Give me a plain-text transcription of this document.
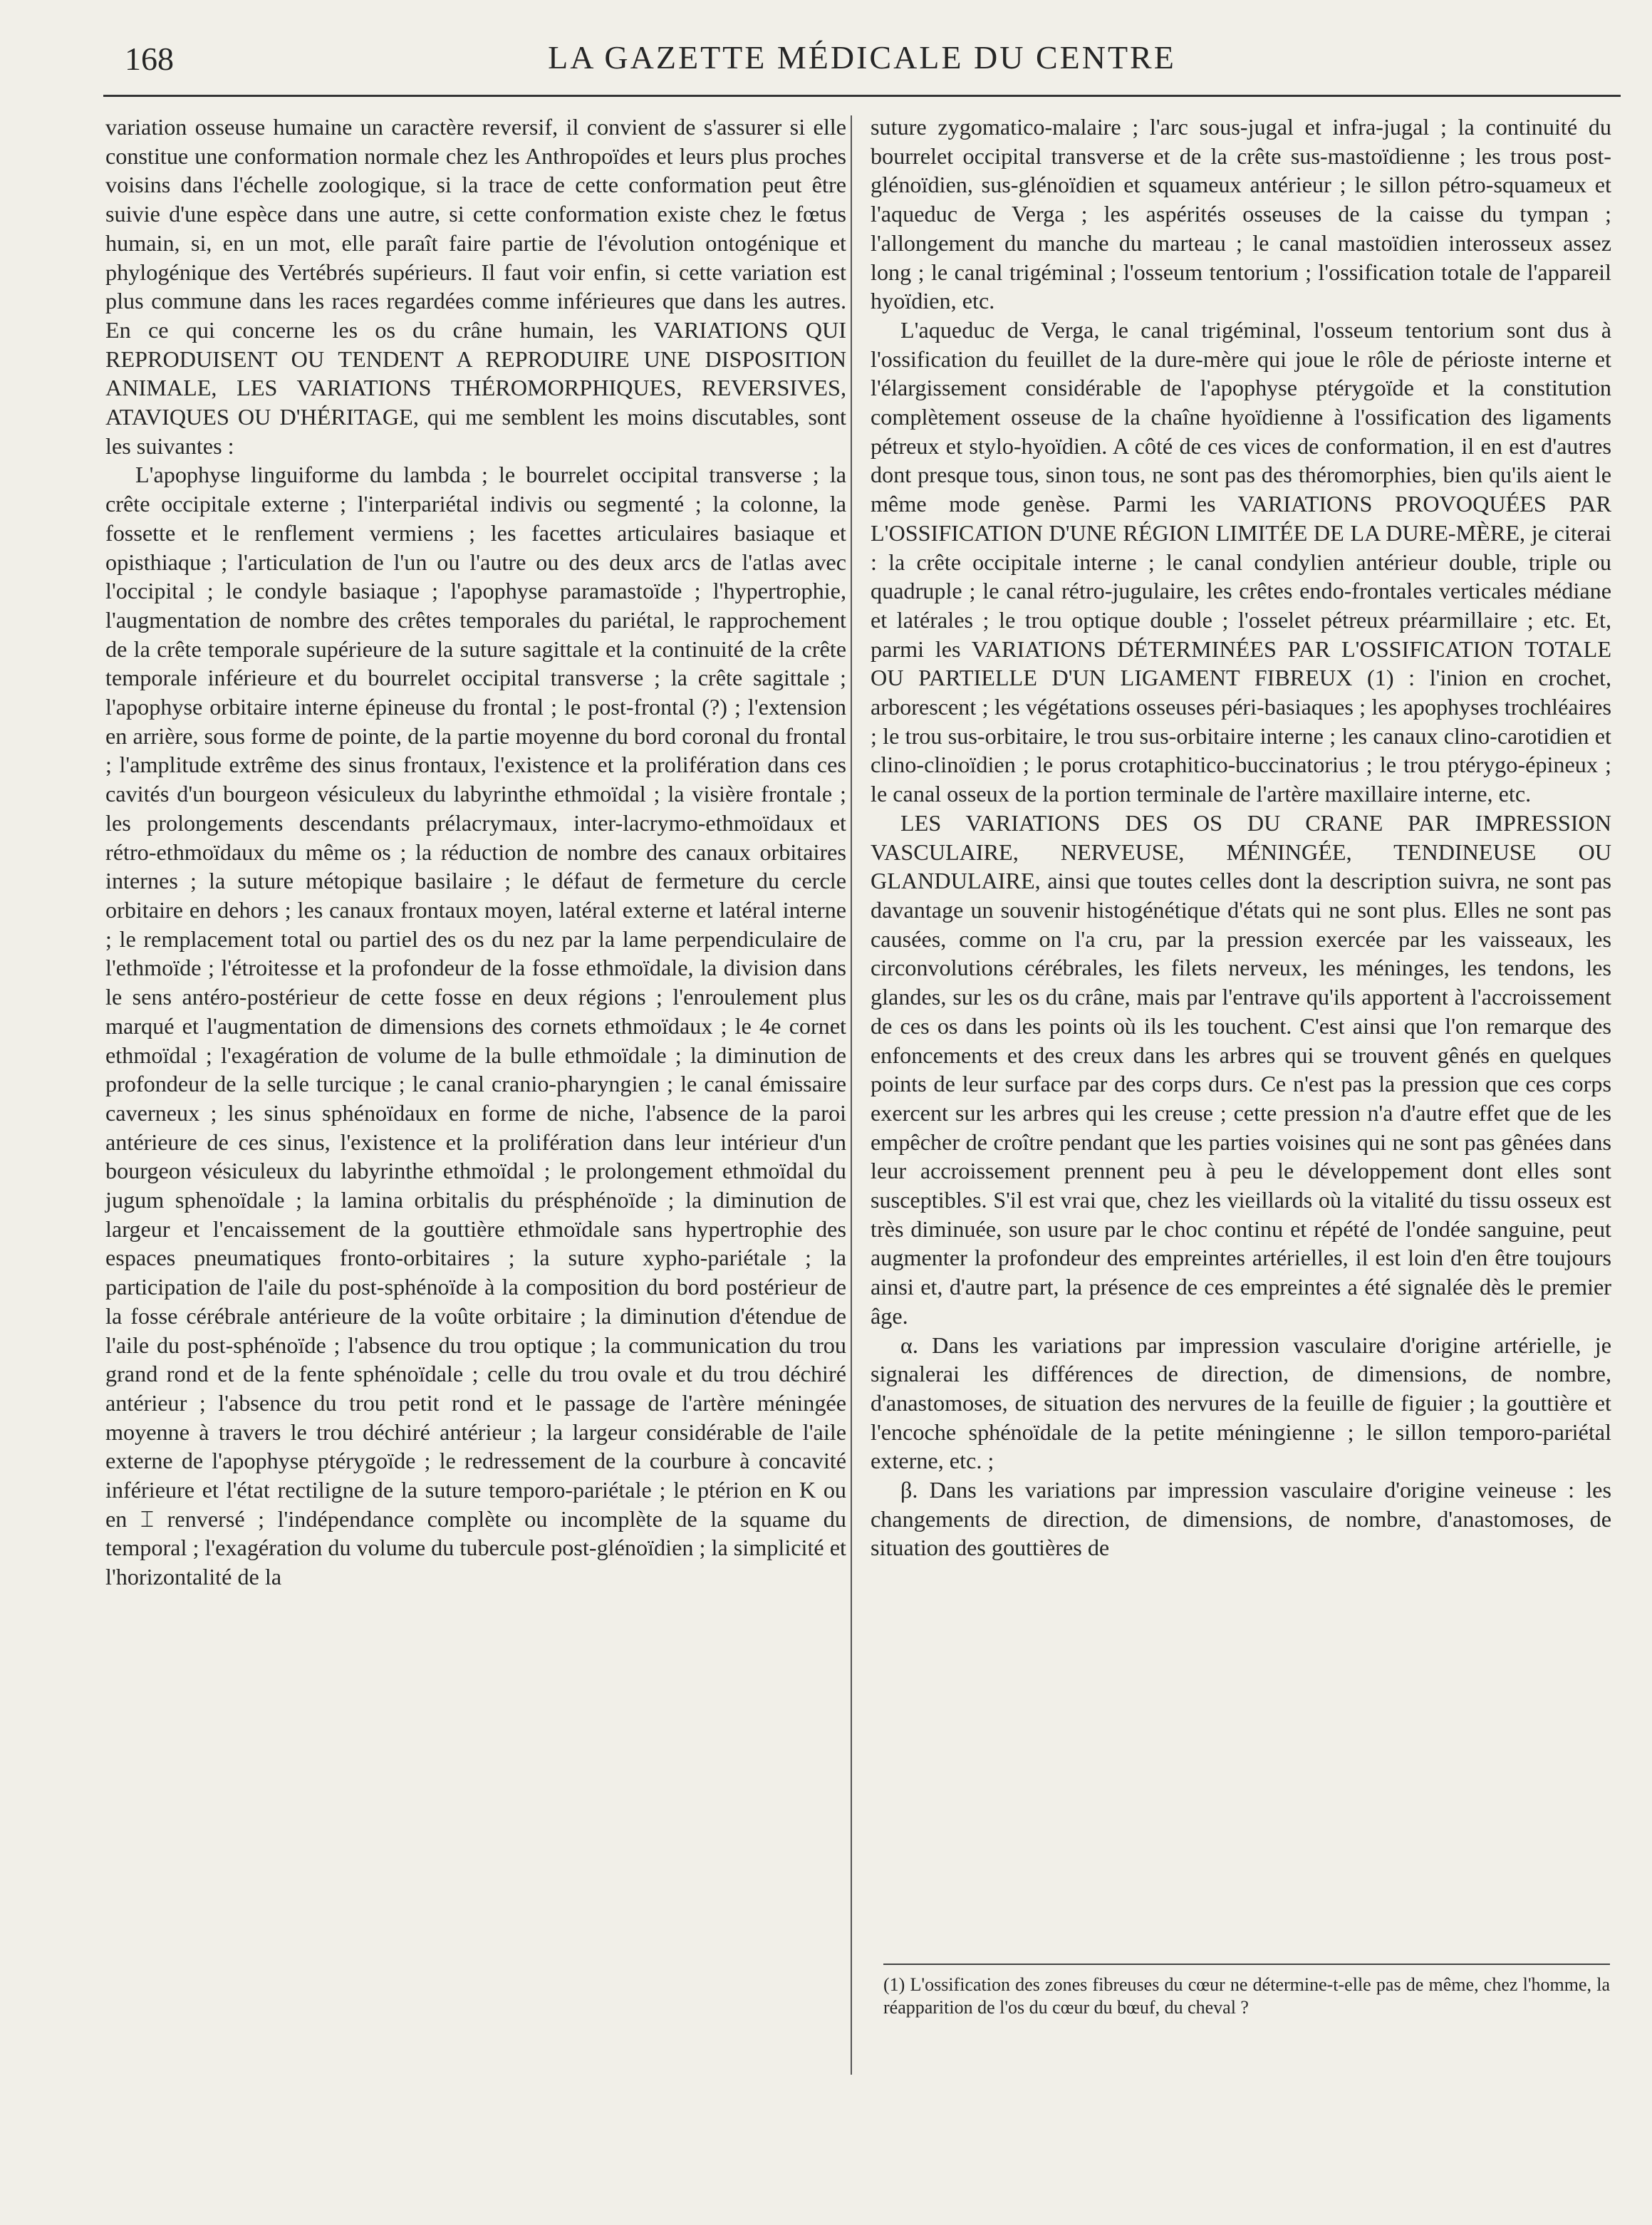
168	LA GAZETTE MÉDICALE DU CENTRE

variation osseuse humaine un caractère reversif, il convient de s'assurer si elle constitue une conformation normale chez les Anthropoïdes et leurs plus proches voisins dans l'échelle zoologique, si la trace de cette conformation peut être suivie d'une espèce dans une autre, si cette conformation existe chez le fœtus humain, si, en un mot, elle paraît faire partie de l'évolution ontogénique et phylogénique des Vertébrés supérieurs. Il faut voir enfin, si cette variation est plus commune dans les races regardées comme inférieures que dans les autres. En ce qui concerne les os du crâne humain, les VARIATIONS QUI REPRODUISENT OU TENDENT A REPRODUIRE UNE DISPOSITION ANIMALE, LES VARIATIONS THÉROMORPHIQUES, REVERSIVES, ATAVIQUES OU D'HÉRITAGE, qui me semblent les moins discutables, sont les suivantes :

L'apophyse linguiforme du lambda ; le bourrelet occipital transverse ; la crête occipitale externe ; l'interpariétal indivis ou segmenté ; la colonne, la fossette et le renflement vermiens ; les facettes articulaires basiaque et opisthiaque ; l'articulation de l'un ou l'autre ou des deux arcs de l'atlas avec l'occipital ; le condyle basiaque ; l'apophyse paramastoïde ; l'hypertrophie, l'augmentation de nombre des crêtes temporales du pariétal, le rapprochement de la crête temporale supérieure de la suture sagittale et la continuité de la crête temporale inférieure et du bourrelet occipital transverse ; la crête sagittale ; l'apophyse orbitaire interne épineuse du frontal ; le post-frontal (?) ; l'extension en arrière, sous forme de pointe, de la partie moyenne du bord coronal du frontal ; l'amplitude extrême des sinus frontaux, l'existence et la prolifération dans ces cavités d'un bourgeon vésiculeux du labyrinthe ethmoïdal ; la visière frontale ; les prolongements descendants prélacrymaux, inter-lacrymo-ethmoïdaux et rétro-ethmoïdaux du même os ; la réduction de nombre des canaux orbitaires internes ; la suture métopique basilaire ; le défaut de fermeture du cercle orbitaire en dehors ; les canaux frontaux moyen, latéral externe et latéral interne ; le remplacement total ou partiel des os du nez par la lame perpendiculaire de l'ethmoïde ; l'étroitesse et la profondeur de la fosse ethmoïdale, la division dans le sens antéro-postérieur de cette fosse en deux régions ; l'enroulement plus marqué et l'augmentation de dimensions des cornets ethmoïdaux ; le 4e cornet ethmoïdal ; l'exagération de volume de la bulle ethmoïdale ; la diminution de profondeur de la selle turcique ; le canal cranio-pharyngien ; le canal émissaire caverneux ; les sinus sphénoïdaux en forme de niche, l'absence de la paroi antérieure de ces sinus, l'existence et la prolifération dans leur intérieur d'un bourgeon vésiculeux du labyrinthe ethmoïdal ; le prolongement ethmoïdal du jugum sphenoïdale ; la lamina orbitalis du présphénoïde ; la diminution de largeur et l'encaissement de la gouttière ethmoïdale sans hypertrophie des espaces pneumatiques fronto-orbitaires ; la suture xypho-pariétale ; la participation de l'aile du post-sphénoïde à la composition du bord postérieur de la fosse cérébrale antérieure de la voûte orbitaire ; la diminution d'étendue de l'aile du post-sphénoïde ; l'absence du trou optique ; la communication du trou grand rond et de la fente sphénoïdale ; celle du trou ovale et du trou déchiré antérieur ; l'absence du trou petit rond et le passage de l'artère méningée moyenne à travers le trou déchiré antérieur ; la largeur considérable de l'aile externe de l'apophyse ptérygoïde ; le redressement de la courbure à concavité inférieure et l'état rectiligne de la suture temporo-pariétale ; le ptérion en K ou en ⌶ renversé ; l'indépendance complète ou incomplète de la squame du temporal ; l'exagération du volume du tubercule post-glénoïdien ; la simplicité et l'horizontalité de la

suture zygomatico-malaire ; l'arc sous-jugal et infra-jugal ; la continuité du bourrelet occipital transverse et de la crête sus-mastoïdienne ; les trous post-glénoïdien, sus-glénoïdien et squameux antérieur ; le sillon pétro-squameux et l'aqueduc de Verga ; les aspérités osseuses de la caisse du tympan ; l'allongement du manche du marteau ; le canal mastoïdien interosseux assez long ; le canal trigéminal ; l'osseum tentorium ; l'ossification totale de l'appareil hyoïdien, etc.

L'aqueduc de Verga, le canal trigéminal, l'osseum tentorium sont dus à l'ossification du feuillet de la dure-mère qui joue le rôle de périoste interne et l'élargissement considérable de l'apophyse ptérygoïde et la constitution complètement osseuse de la chaîne hyoïdienne à l'ossification des ligaments pétreux et stylo-hyoïdien. A côté de ces vices de conformation, il en est d'autres dont presque tous, sinon tous, ne sont pas des théromorphies, bien qu'ils aient le même mode genèse. Parmi les VARIATIONS PROVOQUÉES PAR L'OSSIFICATION D'UNE RÉGION LIMITÉE DE LA DURE-MÈRE, je citerai : la crête occipitale interne ; le canal condylien antérieur double, triple ou quadruple ; le canal rétro-jugulaire, les crêtes endo-frontales verticales médiane et latérales ; le trou optique double ; l'osselet pétreux préarmillaire ; etc. Et, parmi les VARIATIONS DÉTERMINÉES PAR L'OSSIFICATION TOTALE OU PARTIELLE D'UN LIGAMENT FIBREUX (1) : l'inion en crochet, arborescent ; les végétations osseuses péri-basiaques ; les apophyses trochléaires ; le trou sus-orbitaire, le trou sus-orbitaire interne ; les canaux clino-carotidien et clino-clinoïdien ; le porus crotaphitico-buccinatorius ; le trou ptérygo-épineux ; le canal osseux de la portion terminale de l'artère maxillaire interne, etc.

LES VARIATIONS DES OS DU CRANE PAR IMPRESSION VASCULAIRE, NERVEUSE, MÉNINGÉE, TENDINEUSE OU GLANDULAIRE, ainsi que toutes celles dont la description suivra, ne sont pas davantage un souvenir histogénétique d'états qui ne sont plus. Elles ne sont pas causées, comme on l'a cru, par la pression exercée par les vaisseaux, les circonvolutions cérébrales, les filets nerveux, les méninges, les tendons, les glandes, sur les os du crâne, mais par l'entrave qu'ils apportent à l'accroissement de ces os dans les points où ils les touchent. C'est ainsi que l'on remarque des enfoncements et des creux dans les arbres qui se trouvent gênés en quelques points de leur surface par des corps durs. Ce n'est pas la pression que ces corps exercent sur les arbres qui les creuse ; cette pression n'a d'autre effet que de les empêcher de croître pendant que les parties voisines qui ne sont pas gênées dans leur accroissement prennent peu à peu le développement dont elles sont susceptibles. S'il est vrai que, chez les vieillards où la vitalité du tissu osseux est très diminuée, son usure par le choc continu et répété de l'ondée sanguine, peut augmenter la profondeur des empreintes artérielles, il est loin d'en être toujours ainsi et, d'autre part, la présence de ces empreintes a été signalée dès le premier âge.

α. Dans les variations par impression vasculaire d'origine artérielle, je signalerai les différences de direction, de dimensions, de nombre, d'anastomoses, de situation des nervures de la feuille de figuier ; la gouttière et l'encoche sphénoïdale de la petite méningienne ; le sillon temporo-pariétal externe, etc. ;

β. Dans les variations par impression vasculaire d'origine veineuse : les changements de direction, de dimensions, de nombre, d'anastomoses, de situation des gouttières de

(1) L'ossification des zones fibreuses du cœur ne détermine-t-elle pas de même, chez l'homme, la réapparition de l'os du cœur du bœuf, du cheval ?
